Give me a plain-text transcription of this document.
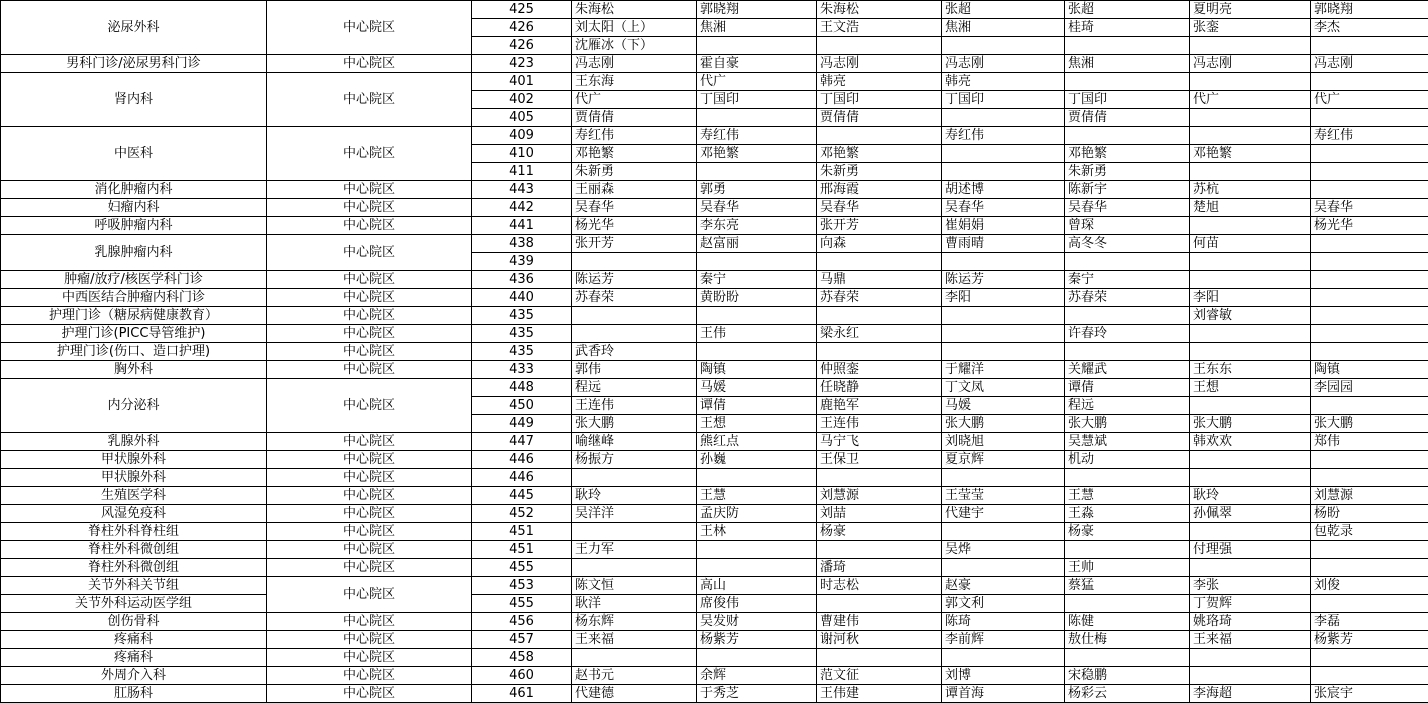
泌尿外科	中心院区	425	朱海松	郭晓翔	朱海松	张超	张超	夏明亮	郭晓翔
		426	刘太阳（上）	焦湘	王文浩	焦湘	桂琦	张銮	李杰
		426	沈雁冰（下）						
男科门诊/泌尿男科门诊	中心院区	423	冯志刚	霍自豪	冯志刚	冯志刚	焦湘	冯志刚	冯志刚
肾内科	中心院区	401	王东海	代广	韩亮	韩亮			
		402	代广	丁国印	丁国印	丁国印	丁国印	代广	代广
		405	贾倩倩		贾倩倩		贾倩倩		
中医科	中心院区	409	寿红伟	寿红伟		寿红伟			寿红伟
		410	邓艳繁	邓艳繁	邓艳繁		邓艳繁	邓艳繁	
		411	朱新勇		朱新勇		朱新勇		
消化肿瘤内科	中心院区	443	王丽森	郭勇	邢海霞	胡述博	陈新宇	苏杭	
妇瘤内科	中心院区	442	吴春华	吴春华	吴春华	吴春华	吴春华	楚旭	吴春华
呼吸肿瘤内科	中心院区	441	杨光华	李东亮	张开芳	崔娟娟	曾琛		杨光华
乳腺肿瘤内科	中心院区	438	张开芳	赵富丽	向森	曹雨晴	高冬冬	何苗	
		439							
肿瘤/放疗/核医学科门诊	中心院区	436	陈运芳	秦宁	马鼎	陈运芳	秦宁		
中西医结合肿瘤内科门诊	中心院区	440	苏春荣	黄盼盼	苏春荣	李阳	苏春荣	李阳	
护理门诊（糖尿病健康教育）	中心院区	435						刘睿敏	
护理门诊(PICC导管维护)	中心院区	435		王伟	梁永红		许春玲		
护理门诊(伤口、造口护理)	中心院区	435	武香玲						
胸外科	中心院区	433	郭伟	陶镇	仲照銮	于耀洋	关耀武	王东东	陶镇
内分泌科	中心院区	448	程远	马媛	任晓静	丁文凤	谭倩	王想	李园园
		450	王连伟	谭倩	鹿艳军	马媛	程远		
		449	张大鹏	王想	王连伟	张大鹏	张大鹏	张大鹏	张大鹏
乳腺外科	中心院区	447	喻继峰	熊红点	马宁飞	刘晓旭	吴慧斌	韩欢欢	郑伟
甲状腺外科	中心院区	446	杨振方	孙巍	王保卫	夏京辉	机动		
甲状腺外科	中心院区	446							
生殖医学科	中心院区	445	耿玲	王慧	刘慧源	王莹莹	王慧	耿玲	刘慧源
风湿免疫科	中心院区	452	吴洋洋	孟庆防	刘喆	代建宇	王淼	孙佩翠	杨盼
脊柱外科脊柱组	中心院区	451		王林	杨豪		杨豪		包乾录
脊柱外科微创组	中心院区	451	王力军			吴烨		付理强	
脊柱外科微创组	中心院区	455			潘琦		王帅		
关节外科关节组	中心院区	453	陈文恒	高山	时志松	赵豪	蔡猛	李张	刘俊
关节外科运动医学组		455	耿洋	席俊伟		郭文利		丁贺辉	
创伤骨科	中心院区	456	杨东辉	吴发财	曹建伟	陈琦	陈健	姚珞琦	李磊
疼痛科	中心院区	457	王来福	杨紫芳	谢河秋	李前辉	敖仕梅	王来福	杨紫芳
疼痛科	中心院区	458							
外周介入科	中心院区	460	赵书元	余辉	范文征	刘博	宋稳鹏		
肛肠科	中心院区	461	代建德	于秀芝	王伟建	谭首海	杨彩云	李海超	张宸宇
